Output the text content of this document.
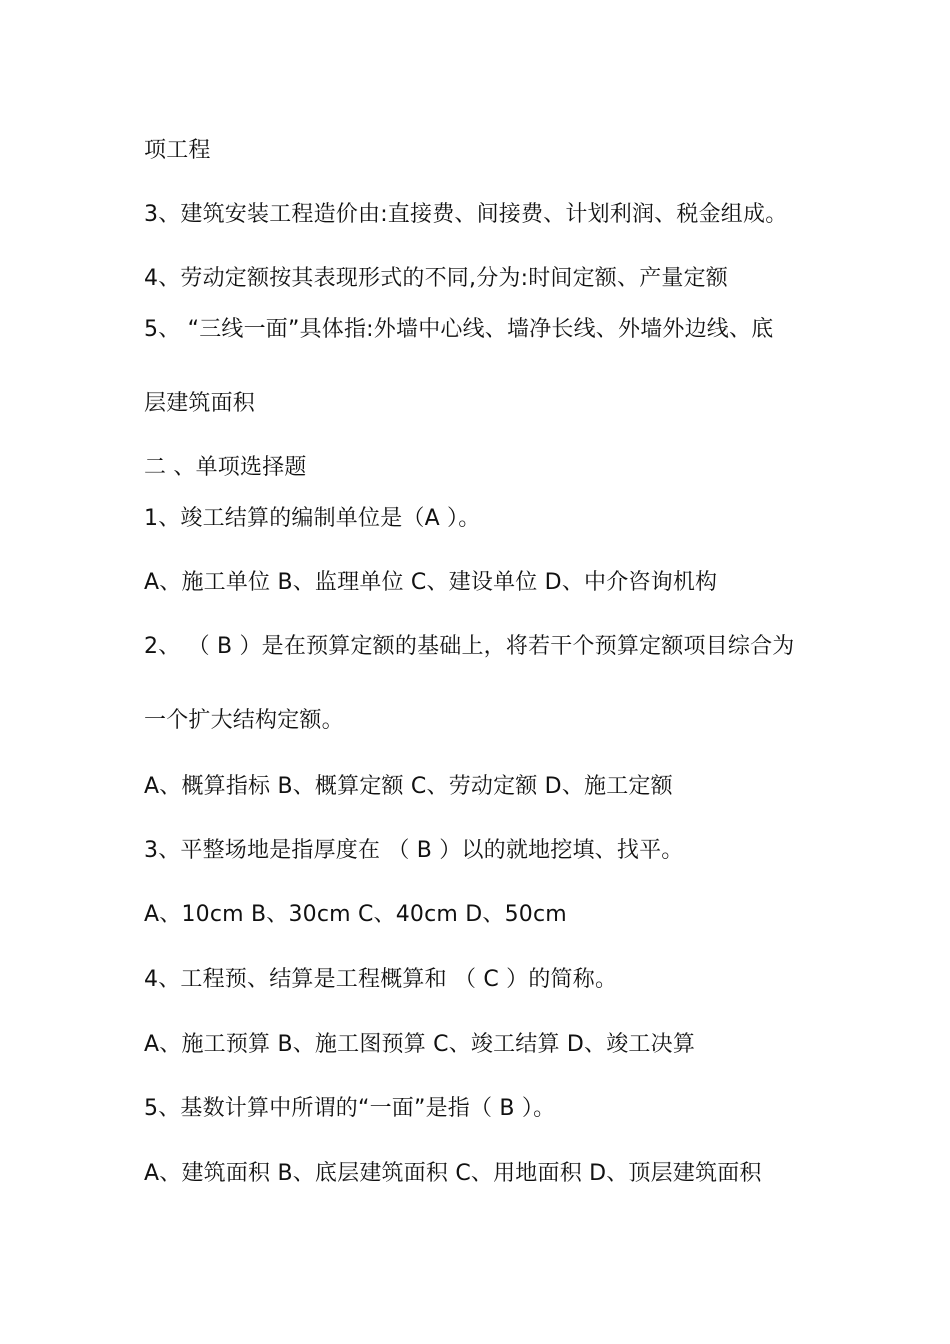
项工程
3、建筑安装工程造价由:直接费、间接费、计划利润、税金组成。
4、劳动定额按其表现形式的不同,分为:时间定额、产量定额
5、 “三线一面”具体指:外墙中心线、墙净长线、外墙外边线、底
层建筑面积
二 、单项选择题
1、竣工结算的编制单位是（A ）。
A、施工单位 B、监理单位 C、建设单位 D、中介咨询机构
2、 （ B ）是在预算定额的基础上，将若干个预算定额项目综合为
一个扩大结构定额。
A、概算指标 B、概算定额 C、劳动定额 D、施工定额
3、平整场地是指厚度在 （ B ）以的就地挖填、找平。
A、10cm B、30cm C、40cm D、50cm
4、工程预、结算是工程概算和 （ C ）的简称。
A、施工预算 B、施工图预算 C、竣工结算 D、竣工决算
5、基数计算中所谓的“一面”是指（ B ）。
A、建筑面积 B、底层建筑面积 C、用地面积 D、顶层建筑面积
